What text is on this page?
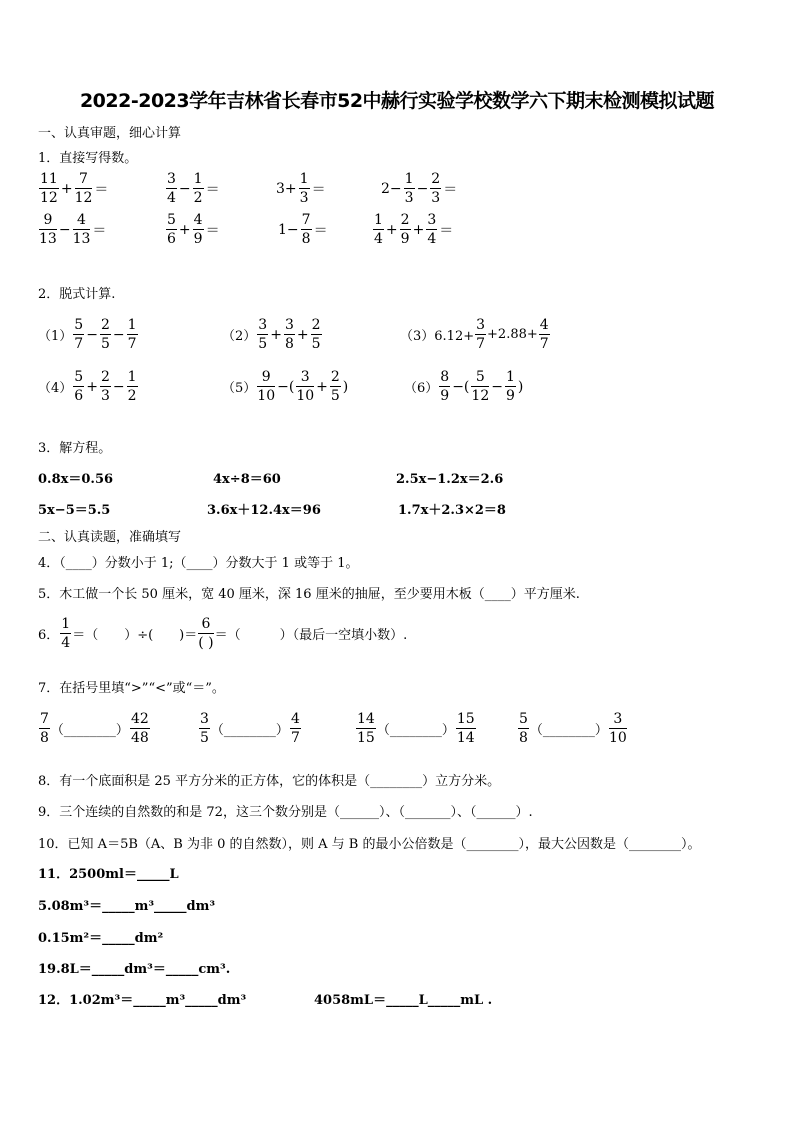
2022-2023学年吉林省长春市52中赫行实验学校数学六下期末检测模拟试题
一、认真审题，细心计算
1．直接写得数。
$\frac{11}{12} + \frac{7}{12}$ ＝	$\frac{3}{4} - \frac{1}{2}$ ＝	$3+ \frac{1}{3}$ ＝	$2- \frac{1}{3} - \frac{2}{3}$ ＝
$\frac{9}{13} - \frac{4}{13}$ ＝	$\frac{5}{6} + \frac{4}{9}$ ＝	$1- \frac{7}{8}$ ＝	$\frac{1}{4} + \frac{2}{9} + \frac{3}{4}$ ＝
2．脱式计算.
$(1) \frac{5}{7} - \frac{2}{5} - \frac{1}{7}$	$(2) \frac{3}{5} + \frac{3}{8} + \frac{2}{5}$	$(3)6.12+ \frac{3}{7} +2.88+ \frac{4}{7}$
$(4) \frac{5}{6} + \frac{2}{3} - \frac{1}{2}$	$(5) \frac{9}{10}$ −( $\frac{3}{10} + \frac{2}{5}$ )	$(6) \frac{8}{9}$ −( $\frac{5}{12} - \frac{1}{9}$ )
3．解方程。
0.8x＝0.56	4x÷8＝60	2.5x−1.2x＝2.6
5x−5＝5.5	3.6x＋12.4x＝96	1.7x＋2.3×2＝8
二、认真读题，准确填写
4．（____）分数小于 1;（____）分数大于 1 或等于 1。
5．木工做一个长 50 厘米，宽 40 厘米，深 16 厘米的抽屉，至少要用木板（____）平方厘米.
6． $\frac{1}{4}$ ＝（　　）÷(　　)＝
6
( ) ＝（　　　）（最后一空填小数）.
7．在括号里填“>”“<”或“＝”。
$\frac{7}{8}$ （________） $\frac{42}{48}$	$\frac{3}{5}$ （________） $\frac{4}{7}$	$\frac{14}{15}$ （________） $\frac{15}{14}$	$\frac{5}{8}$ （________） $\frac{3}{10}$
8．有一个底面积是 25 平方分米的正方体，它的体积是（________）立方分米。
9．三个连续的自然数的和是 72，这三个数分别是（______）、（_______）、（______）.
10．已知 A＝5B（A、B 为非 0 的自然数），则 A 与 B 的最小公倍数是（________），最大公因数是（________）。
11．2500ml＝_____L
5.08m³＝_____m³_____dm³
0.15m²＝_____dm²
19.8L＝_____dm³＝_____cm³.
12．1.02m³＝_____m³_____dm³	4058mL＝_____L_____mL .
